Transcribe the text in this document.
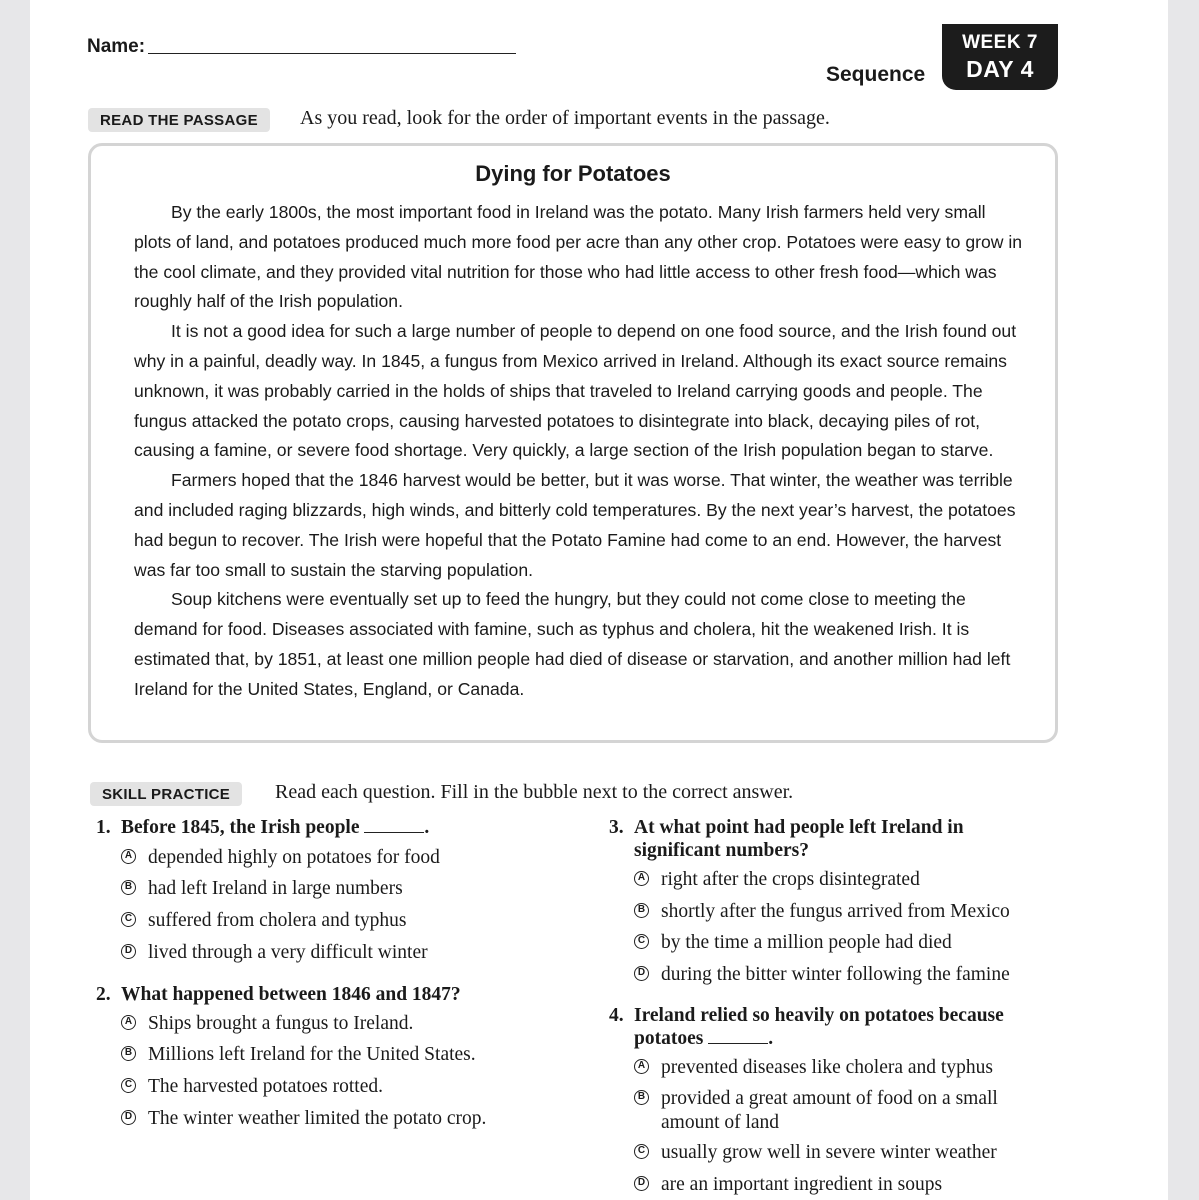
Name:
Sequence
WEEK 7
DAY 4
READ THE PASSAGE	As you read, look for the order of important events in the passage.
Dying for Potatoes

By the early 1800s, the most important food in Ireland was the potato. Many Irish farmers held very small plots of land, and potatoes produced much more food per acre than any other crop. Potatoes were easy to grow in the cool climate, and they provided vital nutrition for those who had little access to other fresh food—which was roughly half of the Irish population.

It is not a good idea for such a large number of people to depend on one food source, and the Irish found out why in a painful, deadly way. In 1845, a fungus from Mexico arrived in Ireland. Although its exact source remains unknown, it was probably carried in the holds of ships that traveled to Ireland carrying goods and people. The fungus attacked the potato crops, causing harvested potatoes to disintegrate into black, decaying piles of rot, causing a famine, or severe food shortage. Very quickly, a large section of the Irish population began to starve.

Farmers hoped that the 1846 harvest would be better, but it was worse. That winter, the weather was terrible and included raging blizzards, high winds, and bitterly cold temperatures. By the next year’s harvest, the potatoes had begun to recover. The Irish were hopeful that the Potato Famine had come to an end. However, the harvest was far too small to sustain the starving population.

Soup kitchens were eventually set up to feed the hungry, but they could not come close to meeting the demand for food. Diseases associated with famine, such as typhus and cholera, hit the weakened Irish. It is estimated that, by 1851, at least one million people had died of disease or starvation, and another million had left Ireland for the United States, England, or Canada.

SKILL PRACTICE	Read each question. Fill in the bubble next to the correct answer.
1. Before 1845, the Irish people	.
A depended highly on potatoes for food
B had left Ireland in large numbers
C suffered from cholera and typhus
D lived through a very difficult winter
2. What happened between 1846 and 1847?
A Ships brought a fungus to Ireland.
B Millions left Ireland for the United States.
C The harvested potatoes rotted.
D The winter weather limited the potato crop.
3. At what point had people left Ireland in
significant numbers?
A right after the crops disintegrated
B shortly after the fungus arrived from Mexico
C by the time a million people had died
D during the bitter winter following the famine
4. Ireland relied so heavily on potatoes because
potatoes	.
A prevented diseases like cholera and typhus
B provided a great amount of food on a small
amount of land
C usually grow well in severe winter weather
D are an important ingredient in soups
